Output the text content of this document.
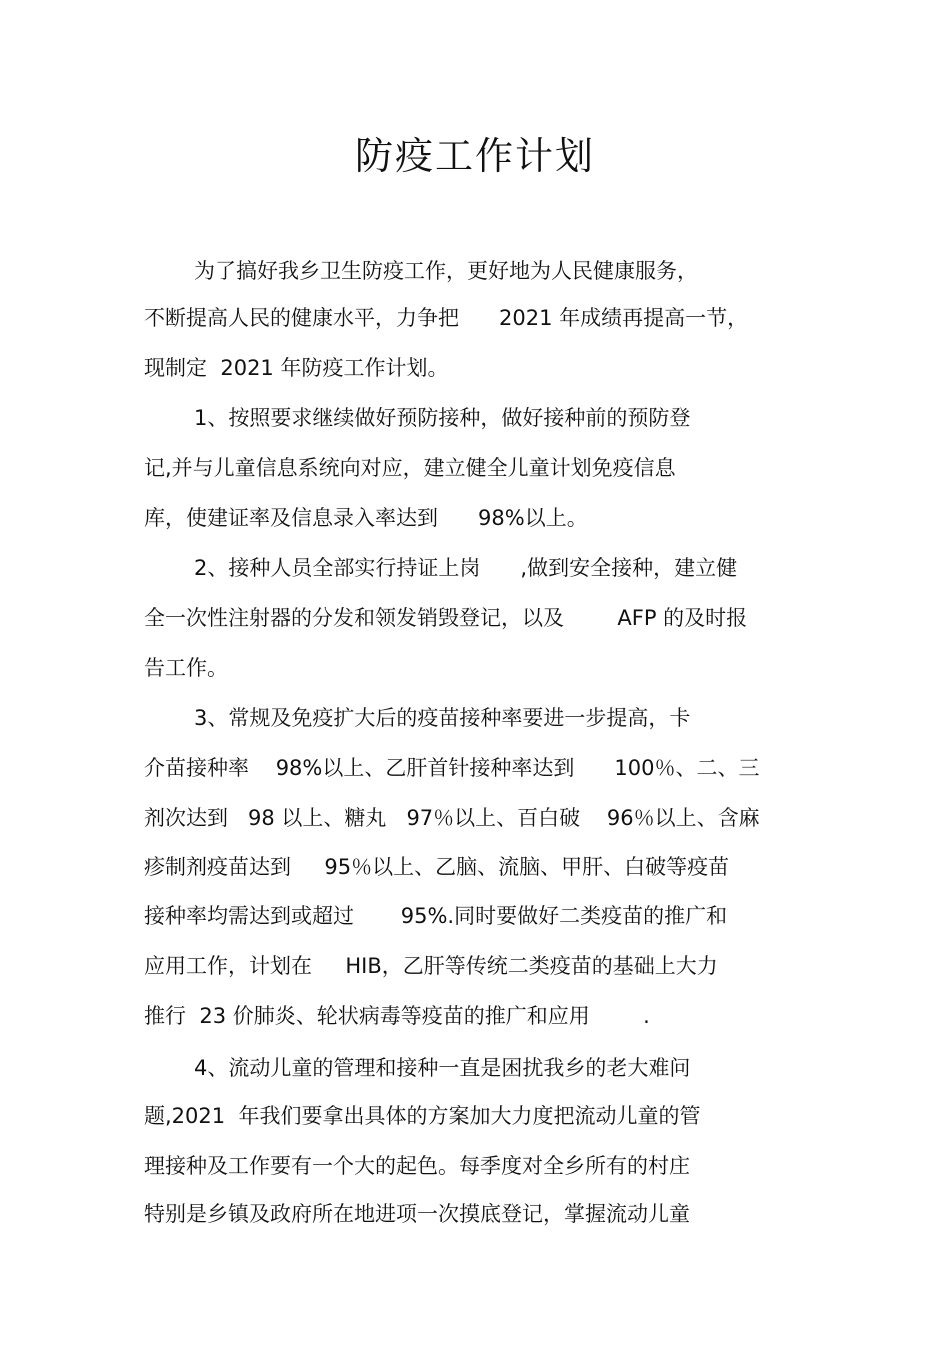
防疫工作计划
为了搞好我乡卫生防疫工作，更好地为人民健康服务，
不断提高人民的健康水平，力争把      2021 年成绩再提高一节，
现制定  2021 年防疫工作计划。
1、按照要求继续做好预防接种，做好接种前的预防登
记,并与儿童信息系统向对应，建立健全儿童计划免疫信息
库，使建证率及信息录入率达到      98%以上。
2、接种人员全部实行持证上岗      ,做到安全接种，建立健
全一次性注射器的分发和领发销毁登记，以及        AFP 的及时报
告工作。
3、常规及免疫扩大后的疫苗接种率要进一步提高，卡
介苗接种率    98%以上、乙肝首针接种率达到      100％、二、三
剂次达到   98 以上、糖丸   97％以上、百白破    96％以上、含麻
疹制剂疫苗达到     95％以上、乙脑、流脑、甲肝、白破等疫苗
接种率均需达到或超过       95%.同时要做好二类疫苗的推广和
应用工作，计划在     HIB，乙肝等传统二类疫苗的基础上大力
推行  23 价肺炎、轮状病毒等疫苗的推广和应用        .
4、流动儿童的管理和接种一直是困扰我乡的老大难问
题,2021  年我们要拿出具体的方案加大力度把流动儿童的管
理接种及工作要有一个大的起色。每季度对全乡所有的村庄
特别是乡镇及政府所在地进项一次摸底登记，掌握流动儿童
